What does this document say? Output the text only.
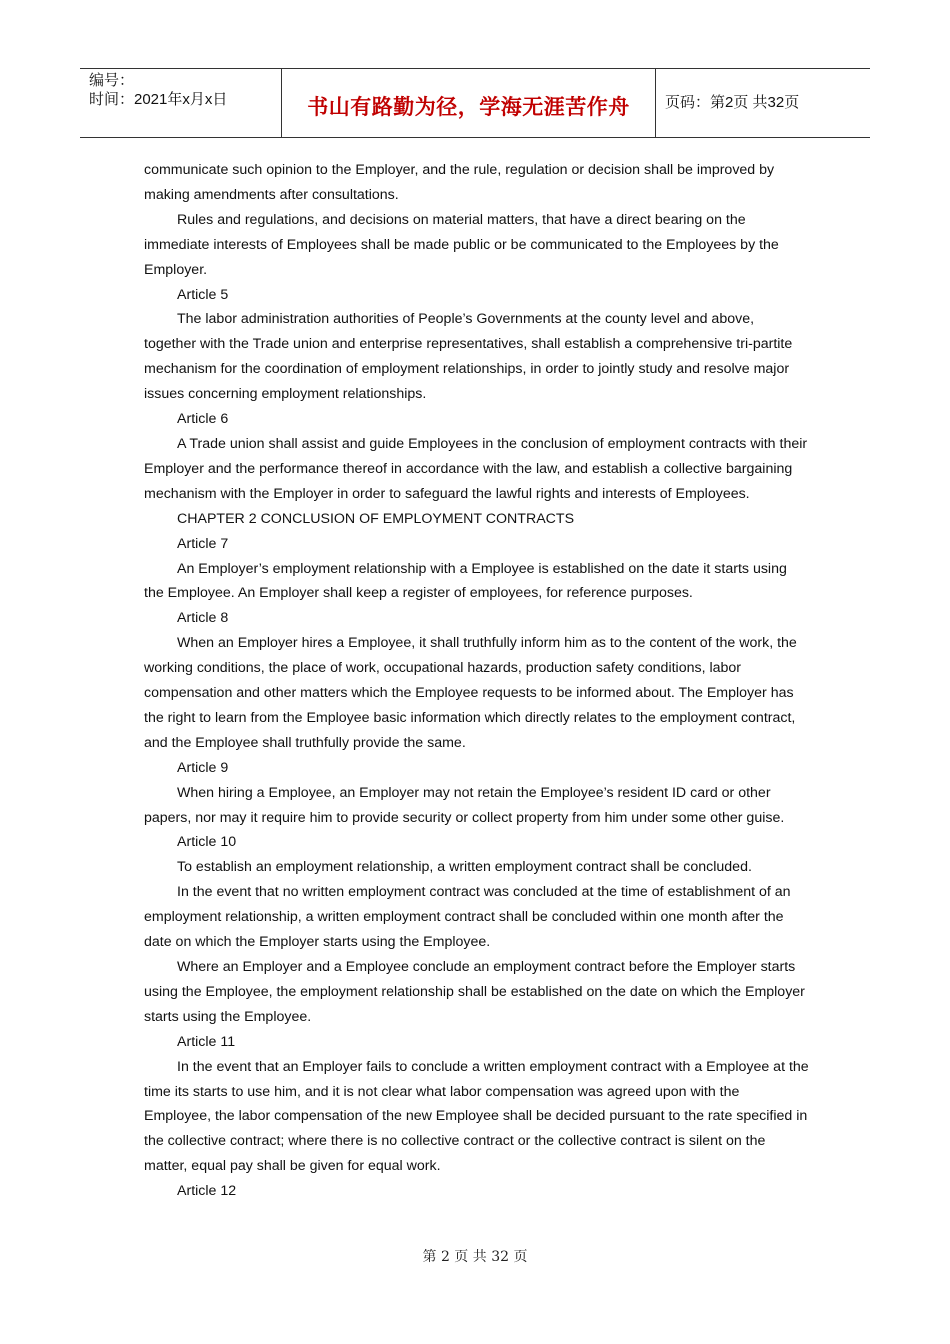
编号：
时间：2021年x月x日	书山有路勤为径，学海无涯苦作舟	页码：第2页 共32页

communicate such opinion to the Employer, and the rule, regulation or decision shall be improved by making amendments after consultations.

Rules and regulations, and decisions on material matters, that have a direct bearing on the immediate interests of Employees shall be made public or be communicated to the Employees by the Employer.

Article 5

The labor administration authorities of People’s Governments at the county level and above, together with the Trade union and enterprise representatives, shall establish a comprehensive tri-partite mechanism for the coordination of employment relationships, in order to jointly study and resolve major issues concerning employment relationships.

Article 6

A Trade union shall assist and guide Employees in the conclusion of employment contracts with their Employer and the performance thereof in accordance with the law, and establish a collective bargaining mechanism with the Employer in order to safeguard the lawful rights and interests of Employees.

CHAPTER 2 CONCLUSION OF EMPLOYMENT CONTRACTS

Article 7

An Employer’s employment relationship with a Employee is established on the date it starts using the Employee. An Employer shall keep a register of employees, for reference purposes.

Article 8

When an Employer hires a Employee, it shall truthfully inform him as to the content of the work, the working conditions, the place of work, occupational hazards, production safety conditions, labor compensation and other matters which the Employee requests to be informed about. The Employer has the right to learn from the Employee basic information which directly relates to the employment contract, and the Employee shall truthfully provide the same.

Article 9

When hiring a Employee, an Employer may not retain the Employee’s resident ID card or other papers, nor may it require him to provide security or collect property from him under some other guise.

Article 10

To establish an employment relationship, a written employment contract shall be concluded.

In the event that no written employment contract was concluded at the time of establishment of an employment relationship, a written employment contract shall be concluded within one month after the date on which the Employer starts using the Employee.

Where an Employer and a Employee conclude an employment contract before the Employer starts using the Employee, the employment relationship shall be established on the date on which the Employer starts using the Employee.

Article 11

In the event that an Employer fails to conclude a written employment contract with a Employee at the time its starts to use him, and it is not clear what labor compensation was agreed upon with the Employee, the labor compensation of the new Employee shall be decided pursuant to the rate specified in the collective contract; where there is no collective contract or the collective contract is silent on the matter, equal pay shall be given for equal work.

Article 12

第 2 页 共 32 页
